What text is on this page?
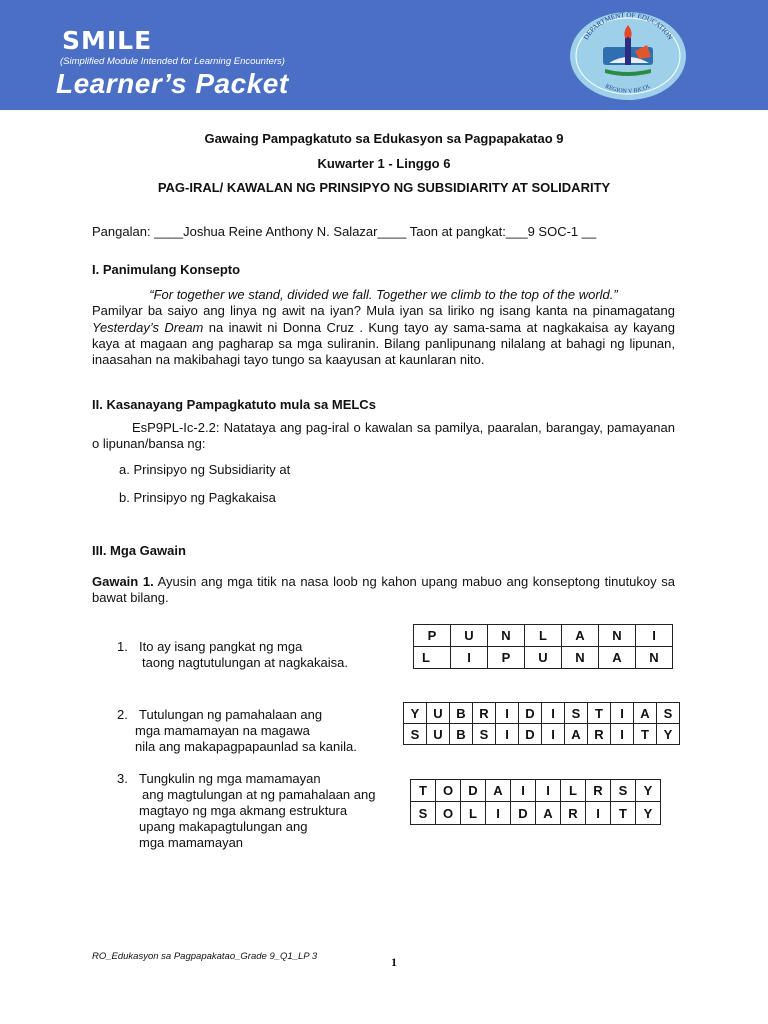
SMILE
(Simplified Module Intended for Learning Encounters)
Learner’s Packet
DEPARTMENT OF EDUCATION
REGION V BICOL
Gawaing Pampagkatuto sa Edukasyon sa Pagpapakatao 9
Kuwarter 1 - Linggo 6
PAG-IRAL/ KAWALAN NG PRINSIPYO NG SUBSIDIARITY AT SOLIDARITY
Pangalan: ____Joshua Reine Anthony N. Salazar____ Taon at pangkat:___9 SOC-1 __
I. Panimulang Konsepto
“For together we stand, divided we fall. Together we climb to the top of the world.”
Pamilyar ba saiyo ang linya ng awit na iyan? Mula iyan sa liriko ng isang kanta na pinamagatang Yesterday’s Dream na inawit ni Donna Cruz . Kung tayo ay sama-sama at nagkakaisa ay kayang kaya at magaan ang pagharap sa mga suliranin. Bilang panlipunang nilalang at bahagi ng lipunan, inaasahan na makibahagi tayo tungo sa kaayusan at kaunlaran nito.
II. Kasanayang Pampagkatuto mula sa MELCs
EsP9PL-Ic-2.2: Natataya ang pag-iral o kawalan sa pamilya, paaralan, barangay, pamayanan o lipunan/bansa ng:
a. Prinsipyo ng Subsidiarity at
b. Prinsipyo ng Pagkakaisa
III. Mga Gawain
Gawain 1. Ayusin ang mga titik na nasa loob ng kahon upang mabuo ang konseptong tinutukoy sa bawat bilang.
1. Ito ay isang pangkat ng mga
taong nagtutulungan at nagkakaisa.
P	U	N	L	A	N	I
L	I	P	U	N	A	N
2. Tutulungan ng pamahalaan ang
mga mamamayan na magawa
nila ang makapagpapaunlad sa kanila.
Y	U	B	R	I	D	I	S	T	I	A	S
S	U	B	S	I	D	I	A	R	I	T	Y
3. Tungkulin ng mga mamamayan
ang magtulungan at ng pamahalaan ang
magtayo ng mga akmang estruktura
upang makapagtulungan ang
mga mamamayan
T	O	D	A	I	I	L	R	S	Y
S	O	L	I	D	A	R	I	T	Y
RO_Edukasyon sa Pagpapakatao_Grade 9_Q1_LP 3	1
